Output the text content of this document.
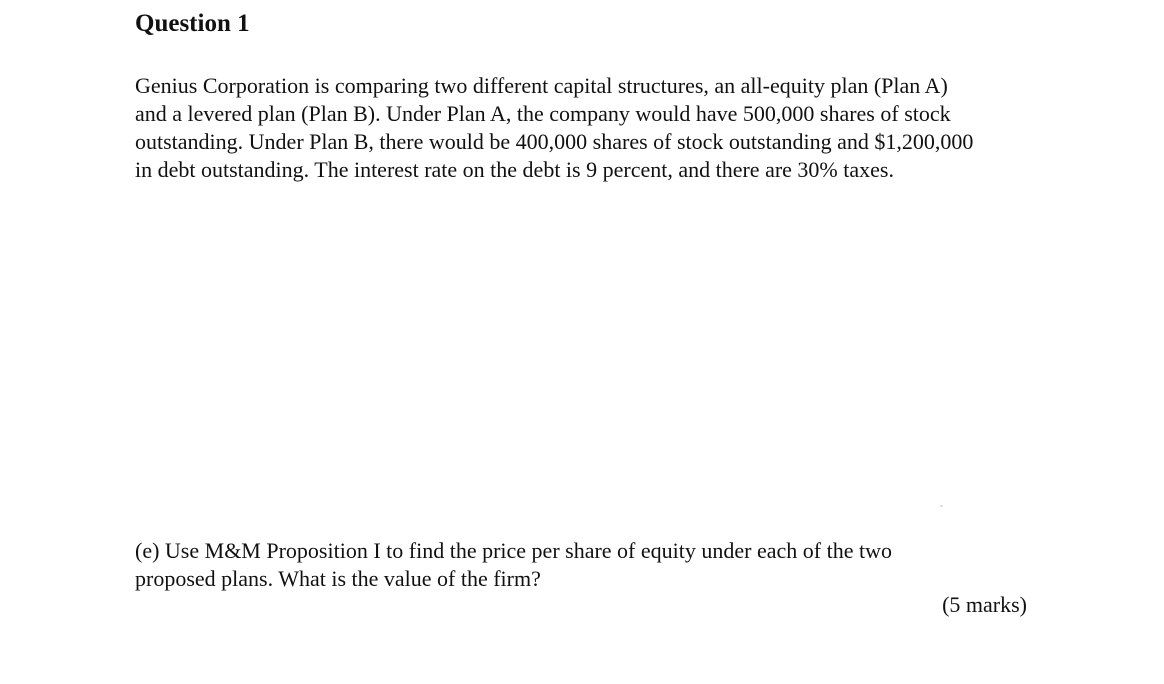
Question 1

Genius Corporation is comparing two different capital structures, an all-equity plan (Plan A)
and a levered plan (Plan B). Under Plan A, the company would have 500,000 shares of stock
outstanding. Under Plan B, there would be 400,000 shares of stock outstanding and $1,200,000
in debt outstanding. The interest rate on the debt is 9 percent, and there are 30% taxes.

(e) Use M&M Proposition I to find the price per share of equity under each of the two
proposed plans. What is the value of the firm?

(5 marks)
